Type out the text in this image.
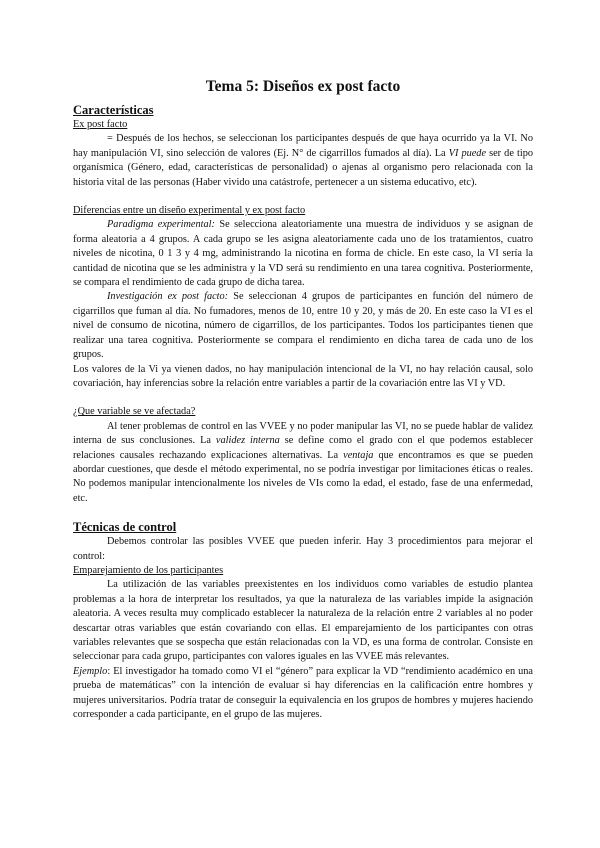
Tema 5: Diseños ex post facto
Características
Ex post facto

= Después de los hechos, se seleccionan los participantes después de que haya ocurrido ya la VI. No hay manipulación VI, sino selección de valores (Ej. N° de cigarrillos fumados al día). La VI puede ser de tipo organísmica (Género, edad, características de personalidad) o ajenas al organismo pero relacionada con la historia vital de las personas (Haber vivido una catástrofe, pertenecer a un sistema educativo, etc).

Diferencias entre un diseño experimental y ex post facto

Paradigma experimental: Se selecciona aleatoriamente una muestra de individuos y se asignan de forma aleatoria a 4 grupos. A cada grupo se les asigna aleatoriamente cada uno de los tratamientos, cuatro niveles de nicotina, 0 1 3 y 4 mg, administrando la nicotina en forma de chicle. En este caso, la VI sería la cantidad de nicotina que se les administra y la VD será su rendimiento en una tarea cognitiva. Posteriormente, se compara el rendimiento de cada grupo de dicha tarea.

Investigación ex post facto: Se seleccionan 4 grupos de participantes en función del número de cigarrillos que fuman al día. No fumadores, menos de 10, entre 10 y 20, y más de 20. En este caso la VI es el nivel de consumo de nicotina, número de cigarrillos, de los participantes. Todos los participantes tienen que realizar una tarea cognitiva. Posteriormente se compara el rendimiento en dicha tarea de cada uno de los grupos.

Los valores de la Vi ya vienen dados, no hay manipulación intencional de la VI, no hay relación causal, solo covariación, hay inferencias sobre la relación entre variables a partir de la covariación entre las VI y VD.

¿Que variable se ve afectada?

Al tener problemas de control en las VVEE y no poder manipular las VI, no se puede hablar de validez interna de sus conclusiones. La validez interna se define como el grado con el que podemos establecer relaciones causales rechazando explicaciones alternativas. La ventaja que encontramos es que se pueden abordar cuestiones, que desde el método experimental, no se podría investigar por limitaciones éticas o reales. No podemos manipular intencionalmente los niveles de VIs como la edad, el estado, fase de una enfermedad, etc.

Técnicas de control

Debemos controlar las posibles VVEE que pueden inferir. Hay 3 procedimientos para mejorar el control:

Emparejamiento de los participantes

La utilización de las variables preexistentes en los individuos como variables de estudio plantea problemas a la hora de interpretar los resultados, ya que la naturaleza de las variables impide la asignación aleatoria. A veces resulta muy complicado establecer la naturaleza de la relación entre 2 variables al no poder descartar otras variables que están covariando con ellas. El emparejamiento de los participantes con otras variables relevantes que se sospecha que están relacionadas con la VD, es una forma de controlar. Consiste en seleccionar para cada grupo, participantes con valores iguales en las VVEE más relevantes.

Ejemplo: El investigador ha tomado como VI el “género” para explicar la VD “rendimiento académico en una prueba de matemáticas” con la intención de evaluar si hay diferencias en la calificación entre hombres y mujeres universitarios. Podría tratar de conseguir la equivalencia en los grupos de hombres y mujeres haciendo corresponder a cada participante, en el grupo de las mujeres.
